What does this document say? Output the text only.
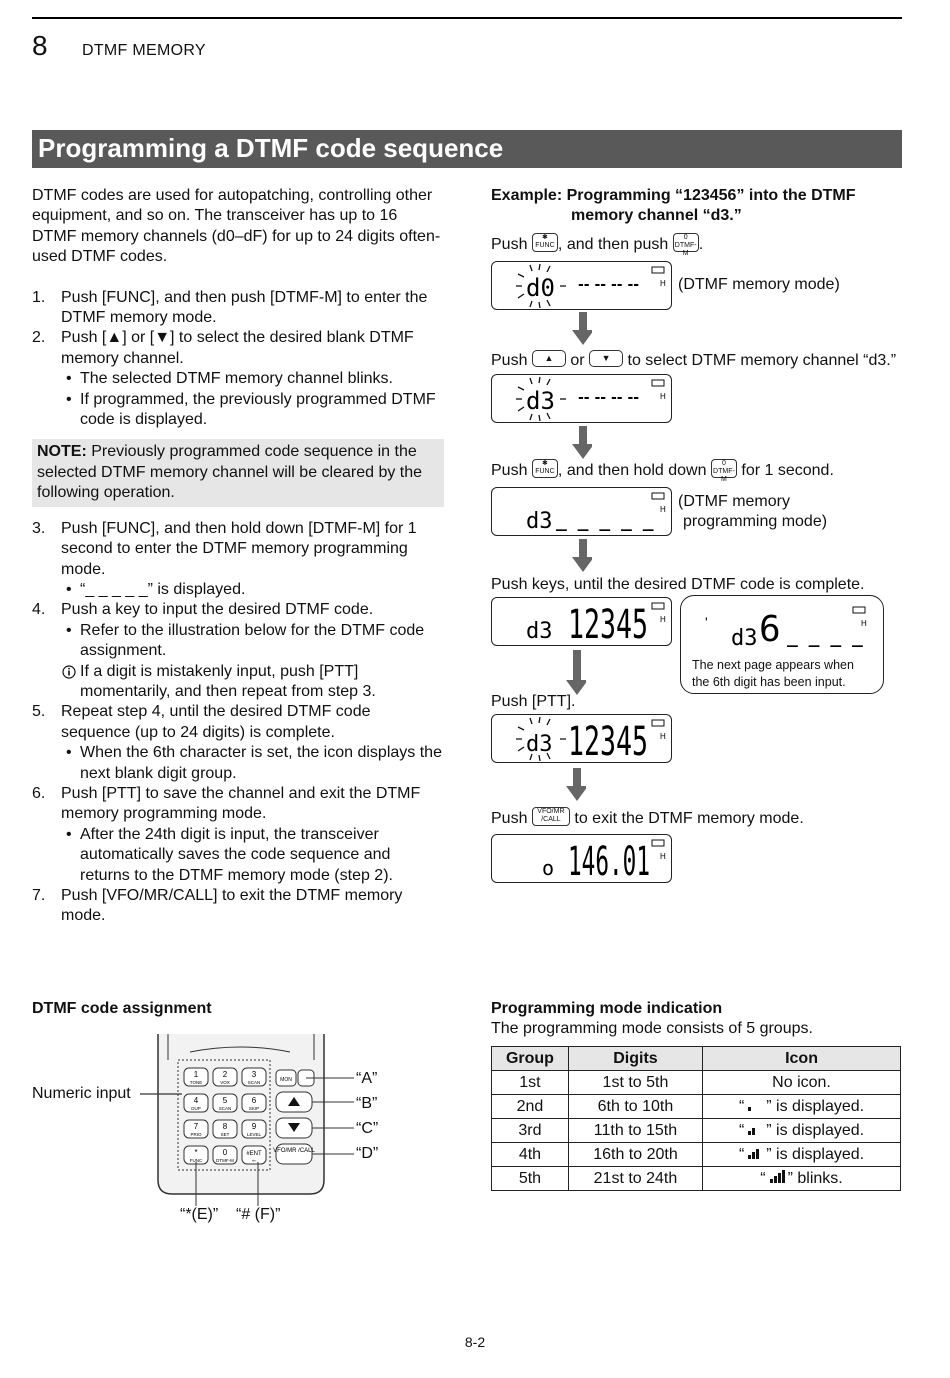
8 DTMF MEMORY
Programming a DTMF code sequence

DTMF codes are used for autopatching, controlling other equipment, and so on. The transceiver has up to 16 DTMF memory channels (d0–dF) for up to 24 digits often-used DTMF codes.

1. Push [FUNC], and then push [DTMF-M] to enter the DTMF memory mode.
2. Push [▲] or [▼] to select the desired blank DTMF memory channel.
• The selected DTMF memory channel blinks.
• If programmed, the previously programmed DTMF code is displayed.
NOTE: Previously programmed code sequence in the selected DTMF memory channel will be cleared by the following operation.
3. Push [FUNC], and then hold down [DTMF-M] for 1 second to enter the DTMF memory programming mode.
• “_ _ _ _ _” is displayed.
4. Push a key to input the desired DTMF code.
• Refer to the illustration below for the DTMF code assignment.
If a digit is mistakenly input, push [PTT] momentarily, and then repeat from step 3.
5. Repeat step 4, until the desired DTMF code sequence (up to 24 digits) is complete.
• When the 6th character is set, the icon displays the next blank digit group.
6. Push [PTT] to save the channel and exit the DTMF memory programming mode.
• After the 24th digit is input, the transceiver automatically saves the code sequence and returns to the DTMF memory mode (step 2).
7. Push [VFO/MR/CALL] to exit the DTMF memory mode.
Example: Programming “123456” into the DTMF
memory channel “d3.”
Push	✱
FUNC , and then push	0
DTMF-M
.
d0 -- -- -- --	H (DTMF memory mode)
Push ▲ or ▼ to select DTMF memory channel “d3.”
d3 -- -- -- --	H
Push	✱
FUNC , and then hold down	0
DTMF-M
for 1 second.
d3 _ _ _ _ _
H (DTMF memory
programming mode)
Push keys, until the desired DTMF code is complete.
d3 12345 H	'
d3 6 _ _ _ _
H
The next page appears when
the 6th digit has been input.
Push [PTT].
d3 12345 H
Push	VFO/MR
/CALL to exit the DTMF memory mode.
o 146.01 H
DTMF code assignment
Numeric input
1
TONE
2
VOX
3
SCAN
4
DUP
5
SCAN
6
SKIP
7
PRIO
8
SET
9
LEVEL
*
FUNC
0
DTMF-M
#ENT
⇐
VFO/MR /CALL
MON	“A”
“B”
“C”
“D”
“*(E)” “# (F)”
Programming mode indication
The programming mode consists of 5 groups.
Group	Digits	Icon
1st	1st to 5th	No icon.
2nd	6th to 10th	“ ” is displayed.
3rd	11th to 15th	“ ” is displayed.
4th	16th to 20th	“ ” is displayed.
5th	21st to 24th	“ ” blinks.
8-2
